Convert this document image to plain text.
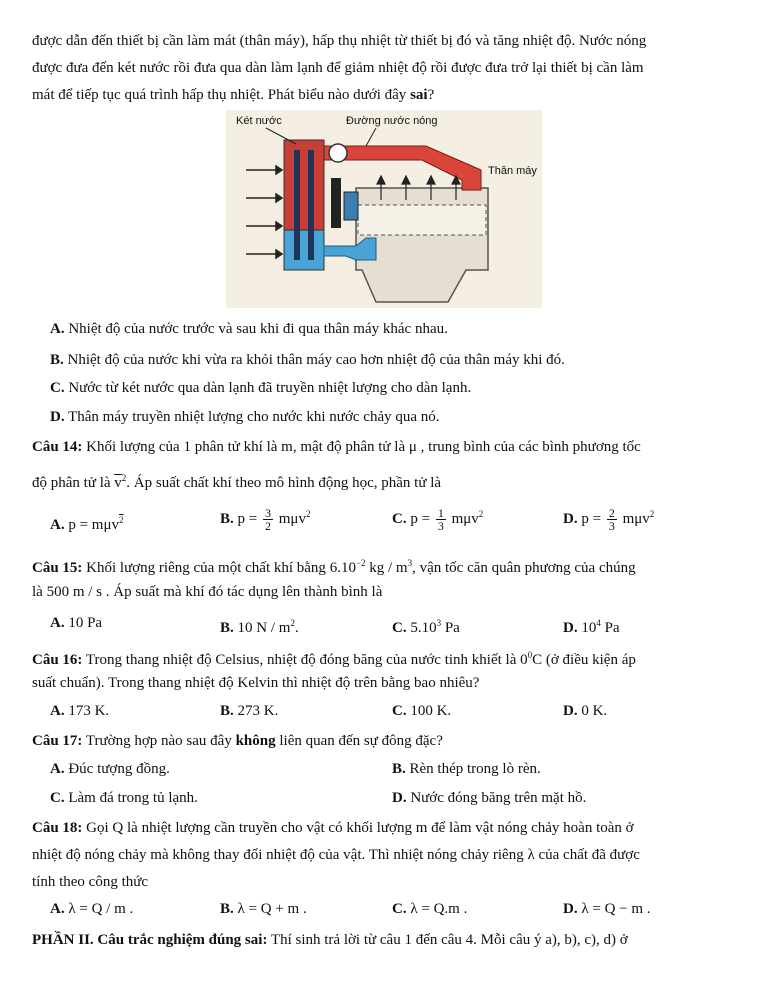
được dẫn đến thiết bị cần làm mát (thân máy), hấp thụ nhiệt từ thiết bị đó và tăng nhiệt độ. Nước nóng
được đưa đến két nước rồi đưa qua dàn làm lạnh để giảm nhiệt độ rồi được đưa trở lại thiết bị cần làm
mát để tiếp tục quá trình hấp thụ nhiệt. Phát biểu nào dưới đây sai?
Két nước	Đường nước nóng
Thân máy
A. Nhiệt độ của nước trước và sau khi đi qua thân máy khác nhau.
B. Nhiệt độ của nước khi vừa ra khỏi thân máy cao hơn nhiệt độ của thân máy khi đó.
C. Nước từ két nước qua dàn lạnh đã truyền nhiệt lượng cho dàn lạnh.
D. Thân máy truyền nhiệt lượng cho nước khi nước chảy qua nó.
Câu 14: Khối lượng của 1 phân tử khí là m, mật độ phân tử là μ , trung bình của các bình phương tốc
độ phân tử là $\overline{v}^2$. Áp suất chất khí theo mô hình động học, phần tử là
A. p = mμv$^2$	B. $p = \frac{3}{2} m\mu v^2$	C. $p = \frac{1}{3} m\mu v^2$	D. $p = \frac{2}{3} m\mu v^2$
Câu 15: Khối lượng riêng của một chất khí bằng $6.10^{-2}$ kg / $m^3$, vận tốc căn quân phương của chúng
là 500 m / s . Áp suất mà khí đó tác dụng lên thành bình là
A. 10 Pa	B. 10 N / $m^2$.	C. 5.10$^3$ Pa	D. $10^4$ Pa
Câu 16: Trong thang nhiệt độ Celsius, nhiệt độ đóng băng của nước tinh khiết là $0^0C$ (ở điều kiện áp
suất chuẩn). Trong thang nhiệt độ Kelvin thì nhiệt độ trên bằng bao nhiêu?
A. 173 K.	B. 273 K.	C. 100 K.	D. 0 K.
Câu 17: Trường hợp nào sau đây không liên quan đến sự đông đặc?
A. Đúc tượng đồng.	B. Rèn thép trong lò rèn.
C. Làm đá trong tủ lạnh.	D. Nước đóng băng trên mặt hồ.
Câu 18: Gọi Q là nhiệt lượng cần truyền cho vật có khối lượng m để làm vật nóng chảy hoàn toàn ở
nhiệt độ nóng chảy mà không thay đổi nhiệt độ của vật. Thì nhiệt nóng chảy riêng λ của chất đã được
tính theo công thức
A. λ = Q / m .	B. λ = Q + m .	C. λ = Q.m .	D. λ = Q − m .
PHẦN II. Câu trắc nghiệm đúng sai: Thí sinh trả lời từ câu 1 đến câu 4. Mỗi câu ý a), b), c), d) ở
